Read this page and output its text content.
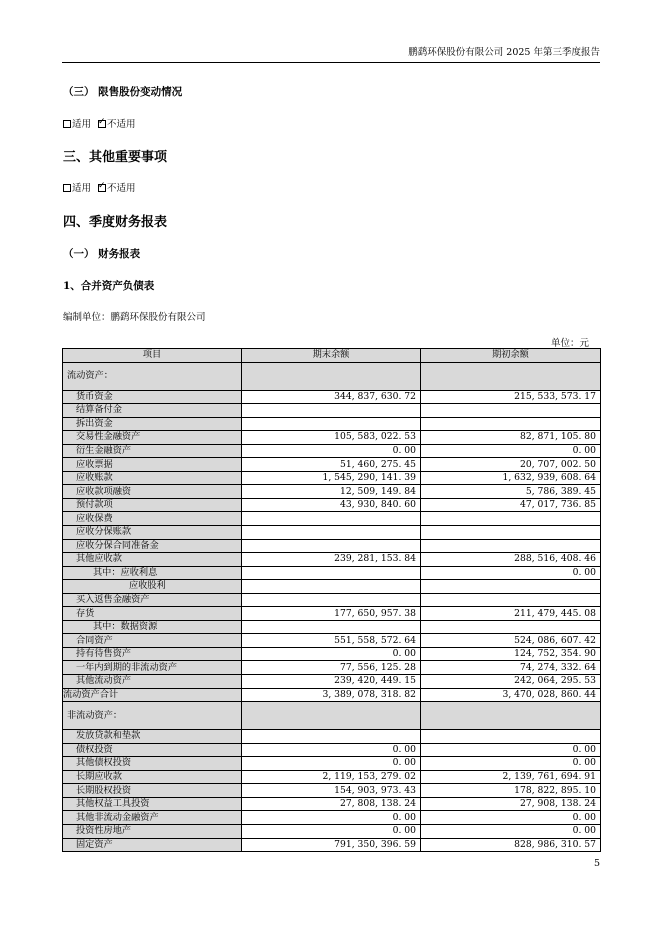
鹏鹞环保股份有限公司 2025 年第三季度报告
（三） 限售股份变动情况
适用 ✓ 不适用
三、其他重要事项
适用 ✓ 不适用
四、季度财务报表
（一） 财务报表
1、合并资产负债表
编制单位：鹏鹞环保股份有限公司
单位：元
项目	期末余额	期初余额
流动资产：		
货币资金	344, 837, 630. 72	215, 533, 573. 17
结算备付金		
拆出资金		
交易性金融资产	105, 583, 022. 53	82, 871, 105. 80
衍生金融资产	0. 00	0. 00
应收票据	51, 460, 275. 45	20, 707, 002. 50
应收账款	1, 545, 290, 141. 39	1, 632, 939, 608. 64
应收款项融资	12, 509, 149. 84	5, 786, 389. 45
预付款项	43, 930, 840. 60	47, 017, 736. 85
应收保费		
应收分保账款		
应收分保合同准备金		
其他应收款	239, 281, 153. 84	288, 516, 408. 46
其中：应收利息		0. 00
应收股利		
买入返售金融资产		
存货	177, 650, 957. 38	211, 479, 445. 08
其中：数据资源		
合同资产	551, 558, 572. 64	524, 086, 607. 42
持有待售资产	0. 00	124, 752, 354. 90
一年内到期的非流动资产	77, 556, 125. 28	74, 274, 332. 64
其他流动资产	239, 420, 449. 15	242, 064, 295. 53
流动资产合计	3, 389, 078, 318. 82	3, 470, 028, 860. 44
非流动资产：		
发放贷款和垫款		
债权投资	0. 00	0. 00
其他债权投资	0. 00	0. 00
长期应收款	2, 119, 153, 279. 02	2, 139, 761, 694. 91
长期股权投资	154, 903, 973. 43	178, 822, 895. 10
其他权益工具投资	27, 808, 138. 24	27, 908, 138. 24
其他非流动金融资产	0. 00	0. 00
投资性房地产	0. 00	0. 00
固定资产	791, 350, 396. 59	828, 986, 310. 57
5
